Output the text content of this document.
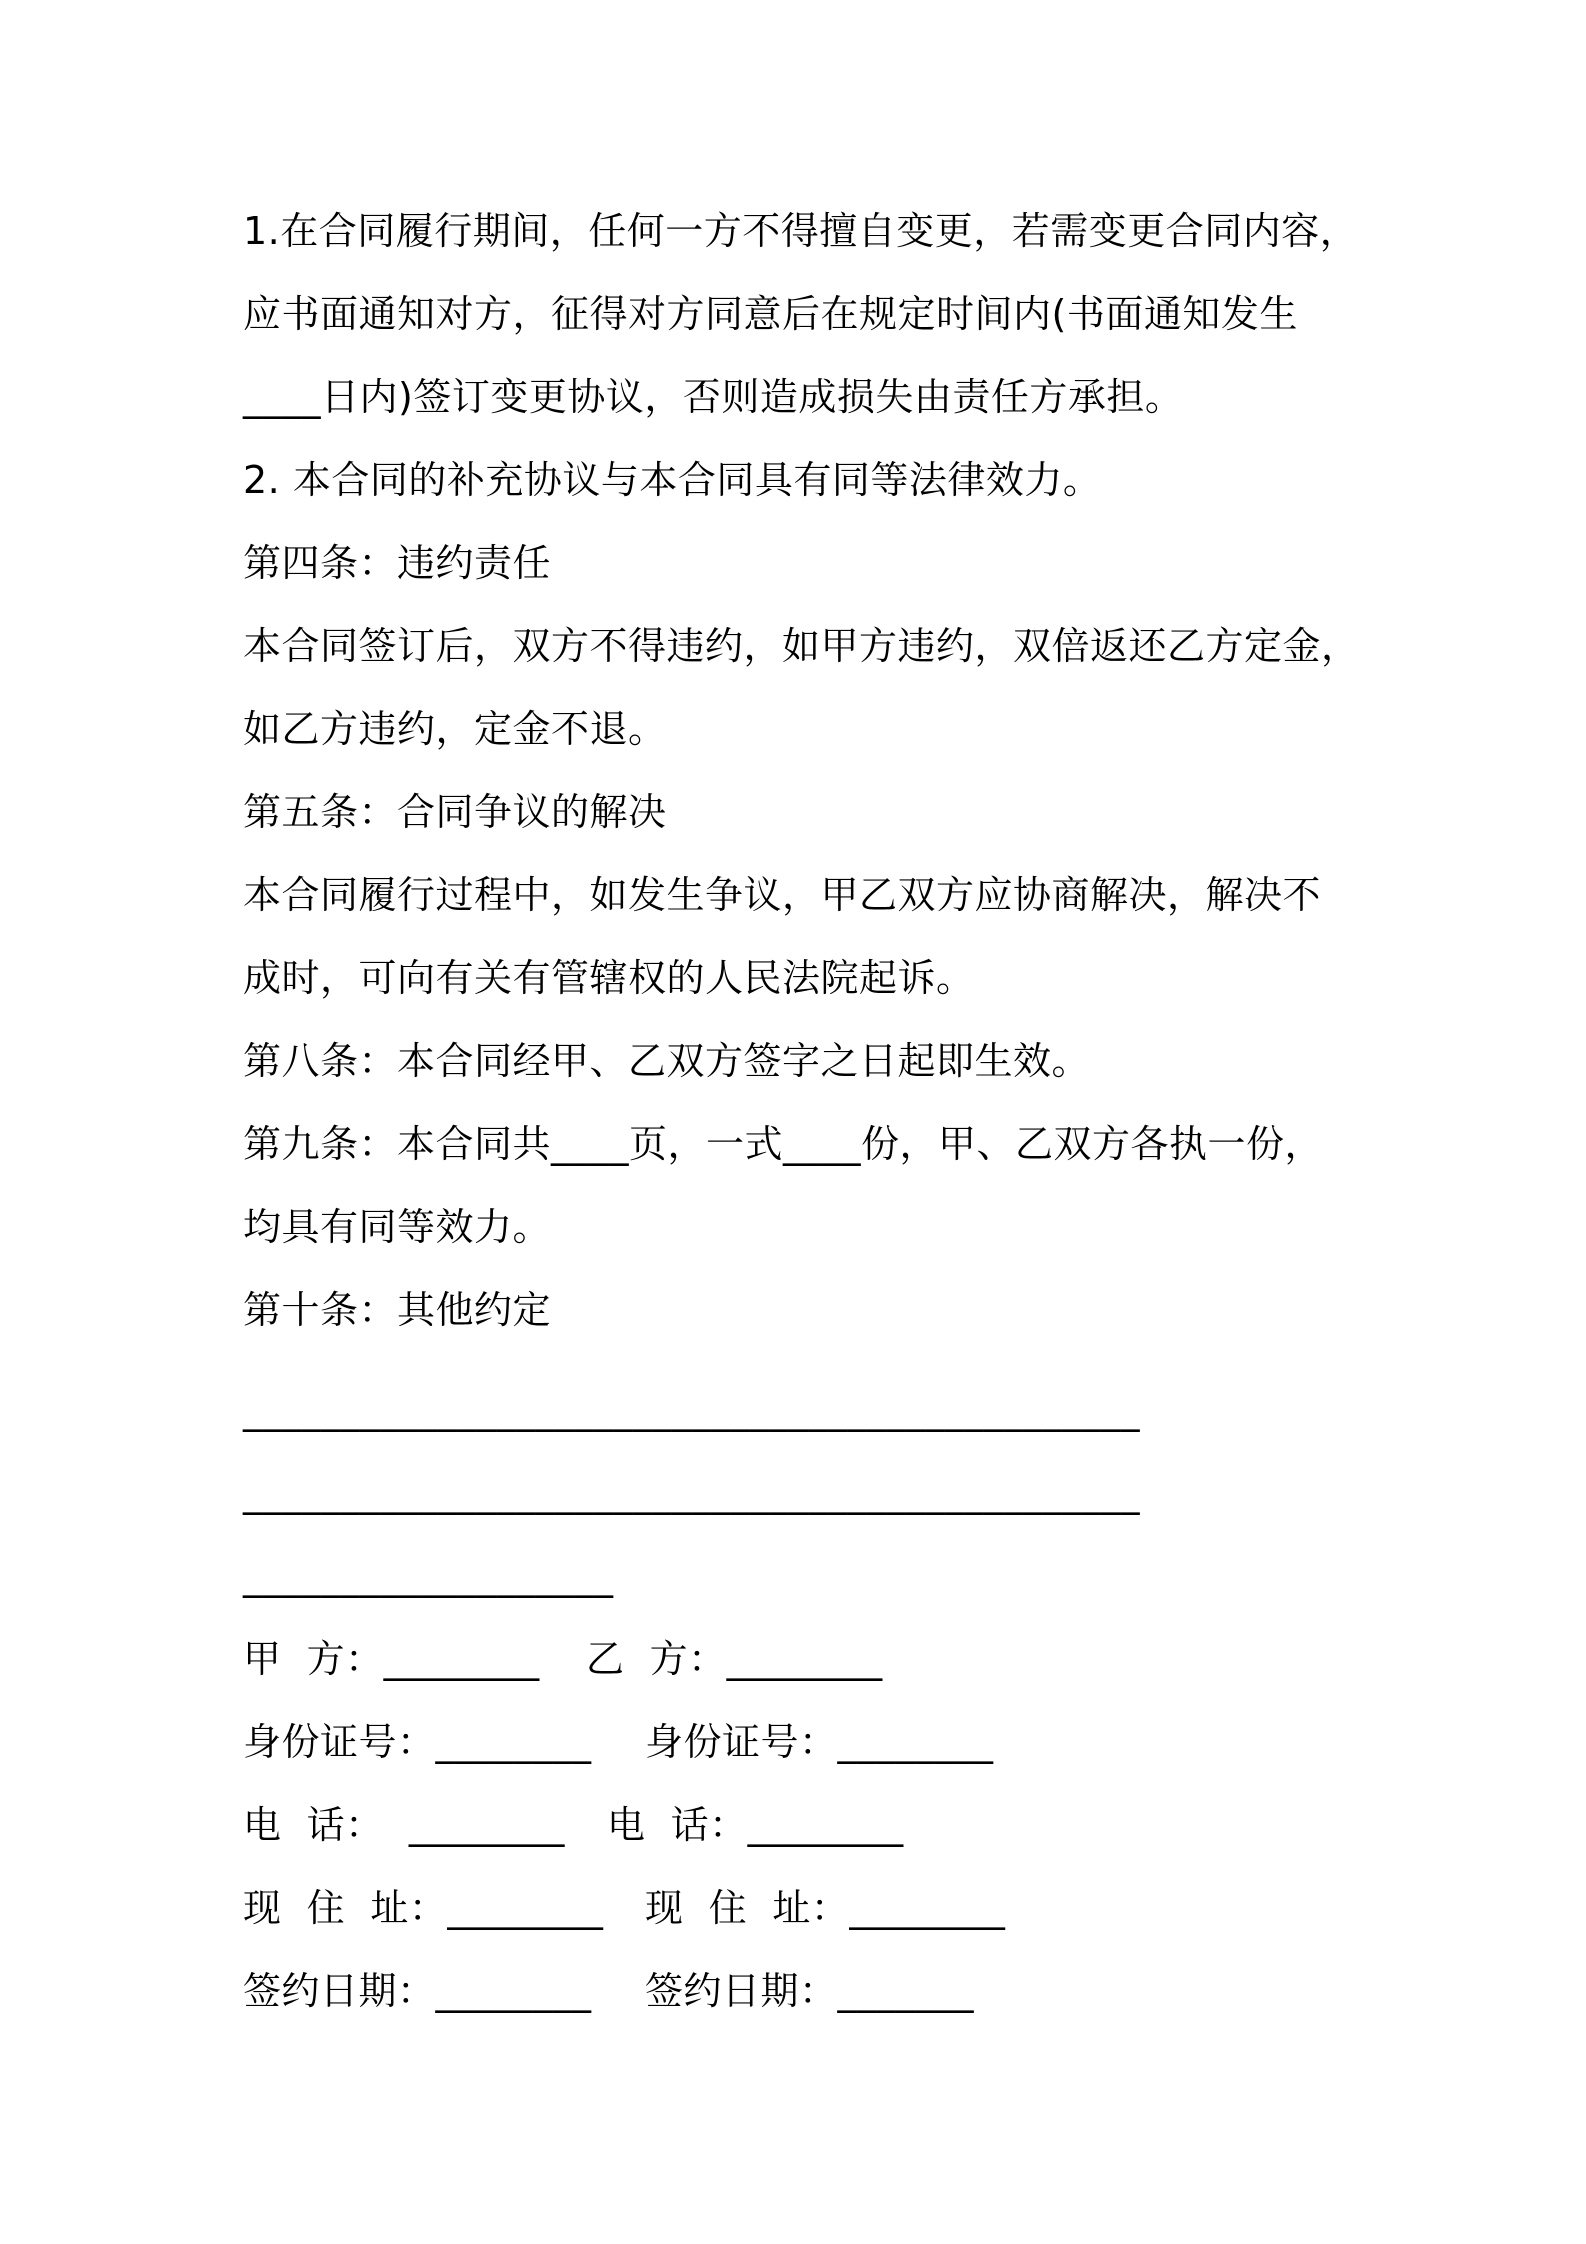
1.在合同履行期间，任何一方不得擅自变更，若需变更合同内容，
应书面通知对方，征得对方同意后在规定时间内(书面通知发生
____日内)签订变更协议，否则造成损失由责任方承担。
2. 本合同的补充协议与本合同具有同等法律效力。
第四条：违约责任
本合同签订后，双方不得违约，如甲方违约，双倍返还乙方定金，
如乙方违约，定金不退。
第五条：合同争议的解决
本合同履行过程中，如发生争议，甲乙双方应协商解决，解决不
成时，可向有关有管辖权的人民法院起诉。
第八条：本合同经甲、乙双方签字之日起即生效。
第九条：本合同共____页，一式____份，甲、乙双方各执一份，
均具有同等效力。
第十条：其他约定
______________________________________________
______________________________________________
___________________
甲  方：________ 乙  方：________
身份证号：________ 身份证号：________
电  话：  ________ 电  话：________
现  住  址：________ 现  住  址：________
签约日期：________ 签约日期：_______
